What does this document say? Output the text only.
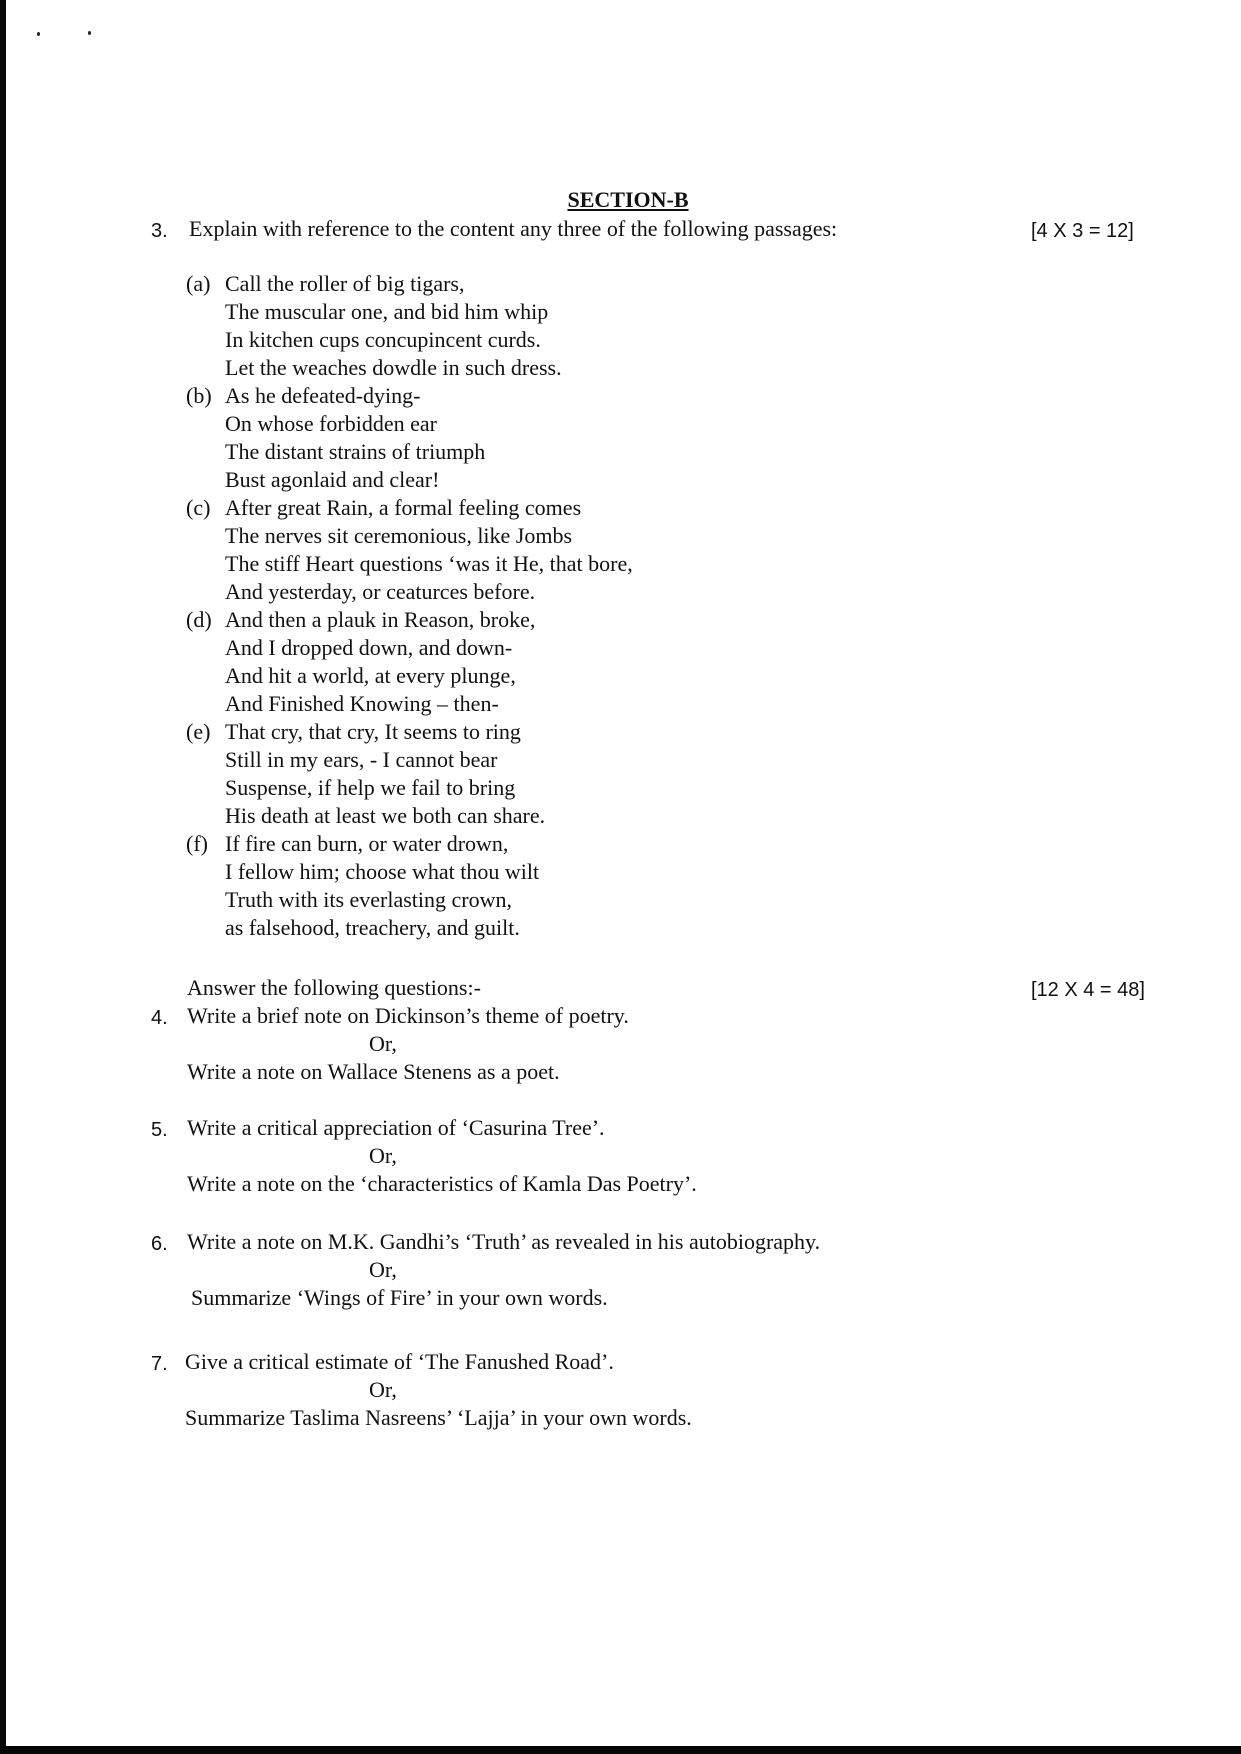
SECTION-B
3. Explain with reference to the content any three of the following passages:	[4 X 3 = 12]
(a) Call the roller of big tigars,
The muscular one, and bid him whip
In kitchen cups concupincent curds.
Let the weaches dowdle in such dress.
(b) As he defeated-dying-
On whose forbidden ear
The distant strains of triumph
Bust agonlaid and clear!
(c) After great Rain, a formal feeling comes
The nerves sit ceremonious, like Jombs
The stiff Heart questions ‘was it He, that bore,
And yesterday, or ceaturces before.
(d) And then a plauk in Reason, broke,
And I dropped down, and down-
And hit a world, at every plunge,
And Finished Knowing – then-
(e) That cry, that cry, It seems to ring
Still in my ears, - I cannot bear
Suspense, if help we fail to bring
His death at least we both can share.
(f) If fire can burn, or water drown,
I fellow him; choose what thou wilt
Truth with its everlasting crown,
as falsehood, treachery, and guilt.
Answer the following questions:-	[12 X 4 = 48]
4. Write a brief note on Dickinson’s theme of poetry.
Or,
Write a note on Wallace Stenens as a poet.
5. Write a critical appreciation of ‘Casurina Tree’.
Or,
Write a note on the ‘characteristics of Kamla Das Poetry’.
6. Write a note on M.K. Gandhi’s ‘Truth’ as revealed in his autobiography.
Or,
Summarize ‘Wings of Fire’ in your own words.
7. Give a critical estimate of ‘The Fanushed Road’.
Or,
Summarize Taslima Nasreens’ ‘Lajja’ in your own words.
